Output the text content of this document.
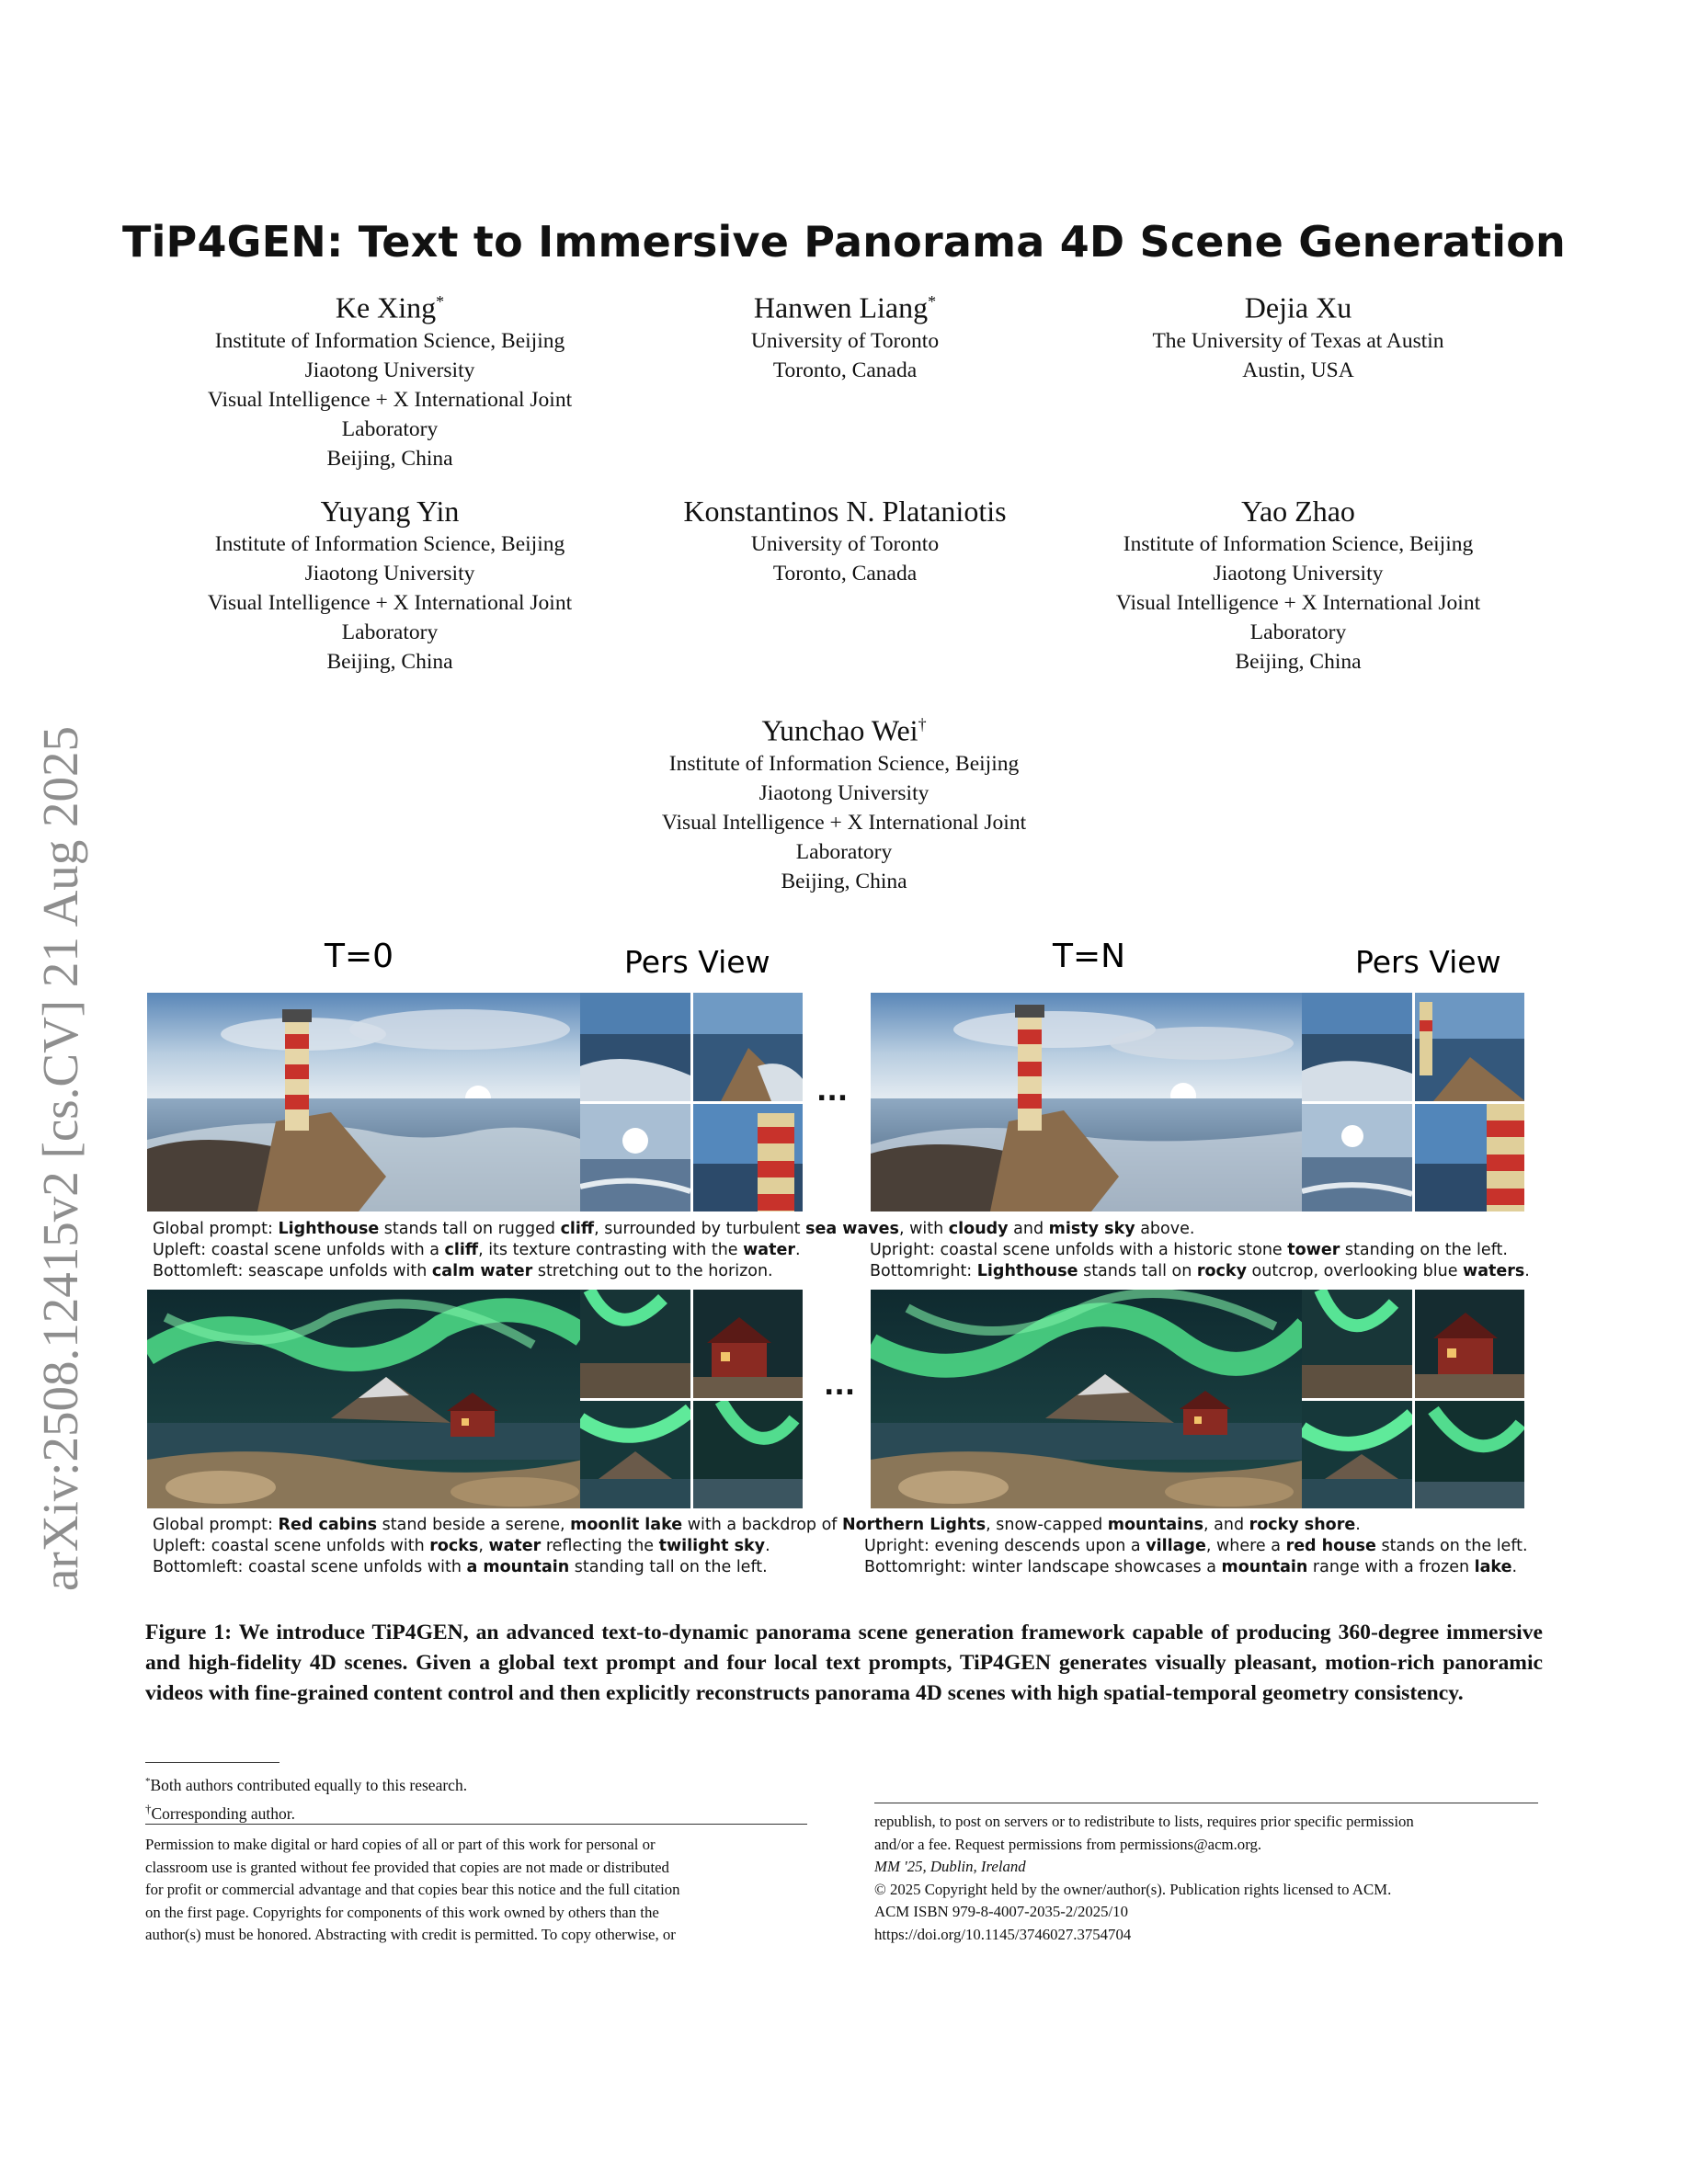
arXiv:2508.12415v2 [cs.CV] 21 Aug 2025
TiP4GEN: Text to Immersive Panorama 4D Scene Generation
Ke Xing*
Institute of Information Science, Beijing
Jiaotong University
Visual Intelligence + X International Joint
Laboratory
Beijing, China
Hanwen Liang*
University of Toronto
Toronto, Canada
Dejia Xu
The University of Texas at Austin
Austin, USA
Yuyang Yin
Institute of Information Science, Beijing
Jiaotong University
Visual Intelligence + X International Joint
Laboratory
Beijing, China
Konstantinos N. Plataniotis
University of Toronto
Toronto, Canada
Yao Zhao
Institute of Information Science, Beijing
Jiaotong University
Visual Intelligence + X International Joint
Laboratory
Beijing, China
Yunchao Wei†
Institute of Information Science, Beijing
Jiaotong University
Visual Intelligence + X International Joint
Laboratory
Beijing, China
T=0	Pers View	T=N	Pers View
...
Global prompt: Lighthouse stands tall on rugged cliff, surrounded by turbulent sea waves, with cloudy and misty sky above.
Upleft: coastal scene unfolds with a cliff, its texture contrasting with the water.	Upright: coastal scene unfolds with a historic stone tower standing on the left.
Bottomleft: seascape unfolds with calm water stretching out to the horizon.	Bottomright: Lighthouse stands tall on rocky outcrop, overlooking blue waters.
...
Global prompt: Red cabins stand beside a serene, moonlit lake with a backdrop of Northern Lights, snow-capped mountains, and rocky shore.
Upleft: coastal scene unfolds with rocks, water reflecting the twilight sky.	Upright: evening descends upon a village, where a red house stands on the left.
Bottomleft: coastal scene unfolds with a mountain standing tall on the left.	Bottomright: winter landscape showcases a mountain range with a frozen lake.
Figure 1: We introduce TiP4GEN, an advanced text-to-dynamic panorama scene generation framework capable of producing 360-degree immersive and high-fidelity 4D scenes. Given a global text prompt and four local text prompts, TiP4GEN generates visually pleasant, motion-rich panoramic videos with fine-grained content control and then explicitly reconstructs panorama 4D scenes with high spatial-temporal geometry consistency.
*Both authors contributed equally to this research.
†Corresponding author.
Permission to make digital or hard copies of all or part of this work for personal or
classroom use is granted without fee provided that copies are not made or distributed
for profit or commercial advantage and that copies bear this notice and the full citation
on the first page. Copyrights for components of this work owned by others than the
author(s) must be honored. Abstracting with credit is permitted. To copy otherwise, or
republish, to post on servers or to redistribute to lists, requires prior specific permission
and/or a fee. Request permissions from permissions@acm.org.
MM '25, Dublin, Ireland
© 2025 Copyright held by the owner/author(s). Publication rights licensed to ACM.
ACM ISBN 979-8-4007-2035-2/2025/10
https://doi.org/10.1145/3746027.3754704
